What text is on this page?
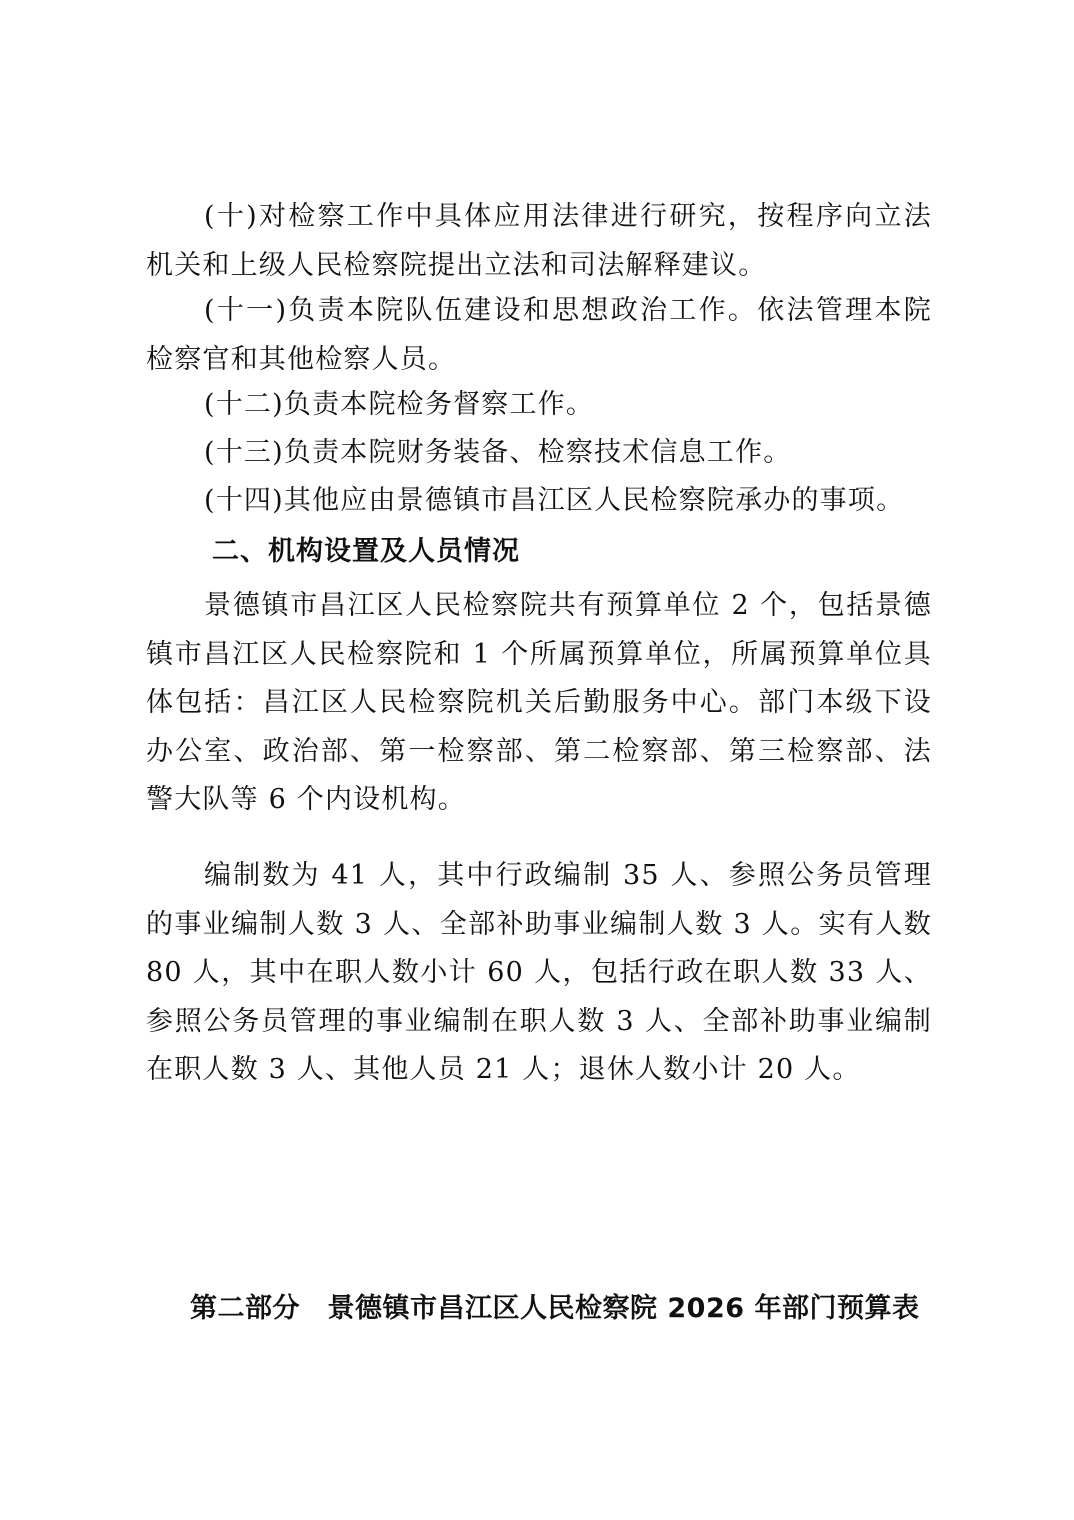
(十)对检察工作中具体应用法律进行研究，按程序向立法机关和上级人民检察院提出立法和司法解释建议。

(十一)负责本院队伍建设和思想政治工作。依法管理本院检察官和其他检察人员。

(十二)负责本院检务督察工作。

(十三)负责本院财务装备、检察技术信息工作。

(十四)其他应由景德镇市昌江区人民检察院承办的事项。

二、机构设置及人员情况

景德镇市昌江区人民检察院共有预算单位 2 个，包括景德镇市昌江区人民检察院和 1 个所属预算单位，所属预算单位具体包括：昌江区人民检察院机关后勤服务中心。部门本级下设办公室、政治部、第一检察部、第二检察部、第三检察部、法警大队等 6 个内设机构。

编制数为 41 人，其中行政编制 35 人、参照公务员管理的事业编制人数 3 人、全部补助事业编制人数 3 人。实有人数 80 人，其中在职人数小计 60 人，包括行政在职人数 33 人、参照公务员管理的事业编制在职人数 3 人、全部补助事业编制在职人数 3 人、其他人员 21 人；退休人数小计 20 人。

第二部分　景德镇市昌江区人民检察院 2026 年部门预算表
